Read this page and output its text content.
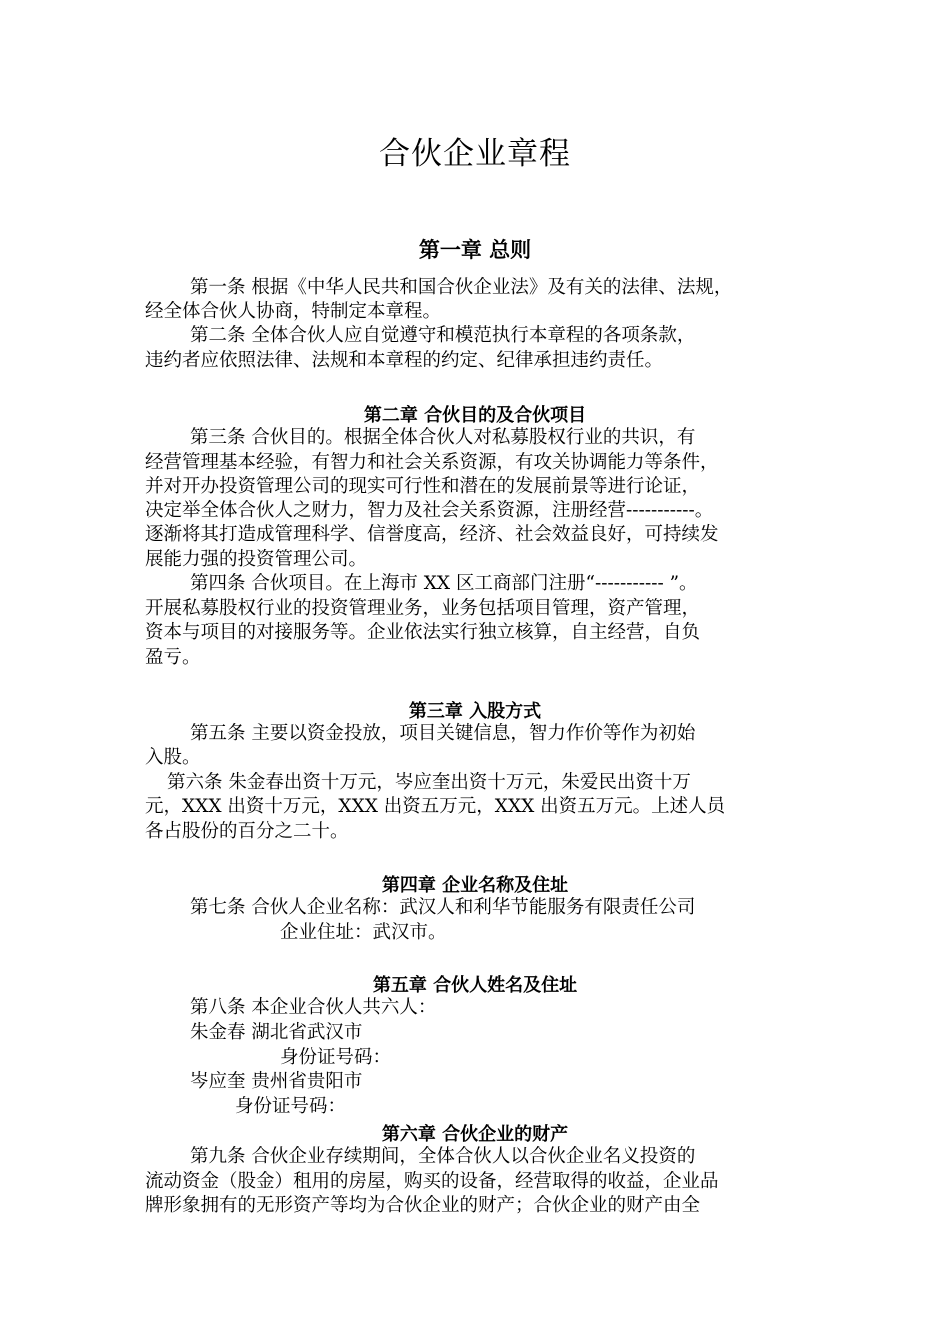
合伙企业章程
第一章 总则
第一条 根据《中华人民共和国合伙企业法》及有关的法律、法规，
经全体合伙人协商，特制定本章程。
第二条 全体合伙人应自觉遵守和模范执行本章程的各项条款，
违约者应依照法律、法规和本章程的约定、纪律承担违约责任。
第二章 合伙目的及合伙项目
第三条 合伙目的。根据全体合伙人对私募股权行业的共识，有
经营管理基本经验，有智力和社会关系资源，有攻关协调能力等条件，
并对开办投资管理公司的现实可行性和潜在的发展前景等进行论证，
决定举全体合伙人之财力，智力及社会关系资源，注册经营-----------。
逐渐将其打造成管理科学、信誉度高，经济、社会效益良好，可持续发
展能力强的投资管理公司。
第四条 合伙项目。在上海市 XX 区工商部门注册“----------- ”。
开展私募股权行业的投资管理业务，业务包括项目管理，资产管理，
资本与项目的对接服务等。企业依法实行独立核算，自主经营，自负
盈亏。
第三章 入股方式
第五条 主要以资金投放，项目关键信息，智力作价等作为初始
入股。
第六条 朱金春出资十万元，岑应奎出资十万元，朱爱民出资十万
元，XXX 出资十万元，XXX 出资五万元，XXX 出资五万元。上述人员
各占股份的百分之二十。
第四章 企业名称及住址
第七条 合伙人企业名称：武汉人和利华节能服务有限责任公司
企业住址：武汉市。
第五章 合伙人姓名及住址
第八条 本企业合伙人共六人：
朱金春 湖北省武汉市
身份证号码：
岑应奎 贵州省贵阳市
身份证号码：
第六章 合伙企业的财产
第九条 合伙企业存续期间，全体合伙人以合伙企业名义投资的
流动资金（股金）租用的房屋，购买的设备，经营取得的收益，企业品
牌形象拥有的无形资产等均为合伙企业的财产；合伙企业的财产由全
